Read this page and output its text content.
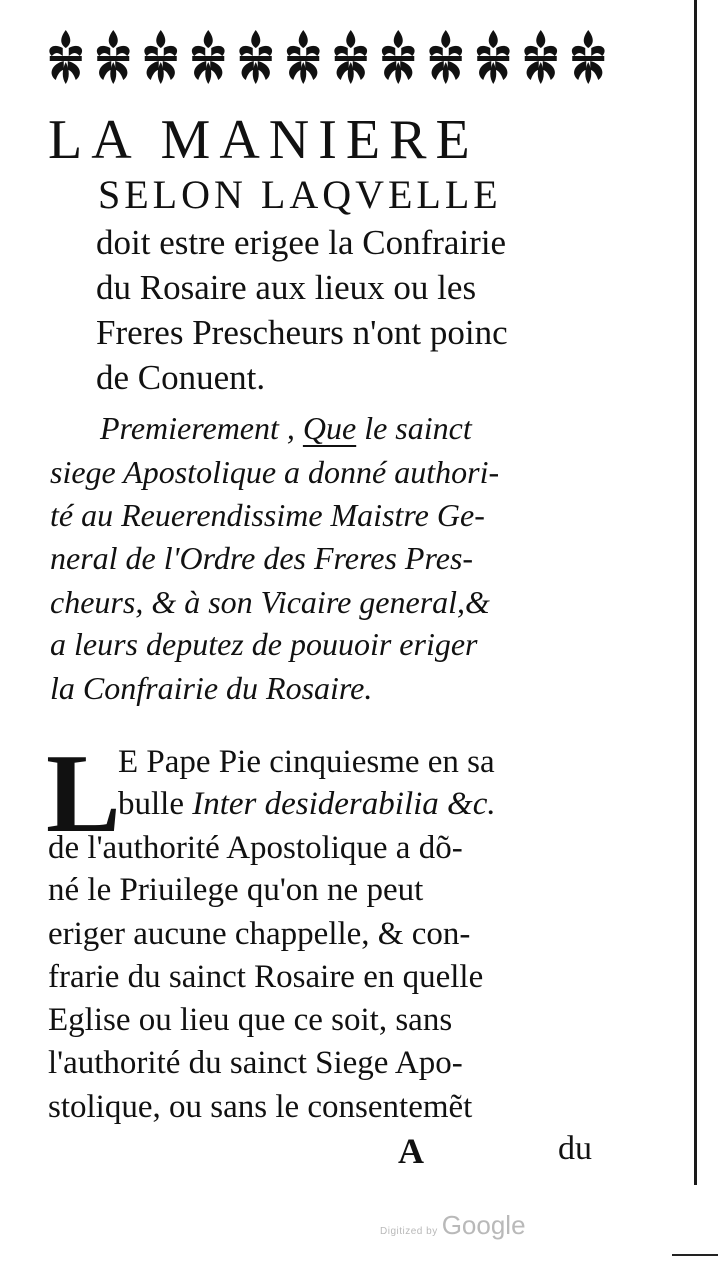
LA MANIERE
SELON LAQVELLE
doit estre erigee la Confrairie
du Rosaire aux lieux ou les
Freres Prescheurs n'ont poinc
de Conuent.
Premierement , Que le sainct
siege Apostolique a donné authori-
té au Reuerendissime Maistre Ge-
neral de l'Ordre des Freres Pres-
cheurs, & à son Vicaire general,&
a leurs deputez de pouuoir eriger
la Confrairie du Rosaire.
L
E Pape Pie cinquiesme en sa
bulle Inter desiderabilia &c.
de l'authorité Apostolique a dõ-
né le Priuilege qu'on ne peut
eriger aucune chappelle, & con-
frarie du sainct Rosaire en quelle
Eglise ou lieu que ce soit, sans
l'authorité du sainct Siege Apo-
stolique, ou sans le consentemẽt
A	du
Digitized by Google
